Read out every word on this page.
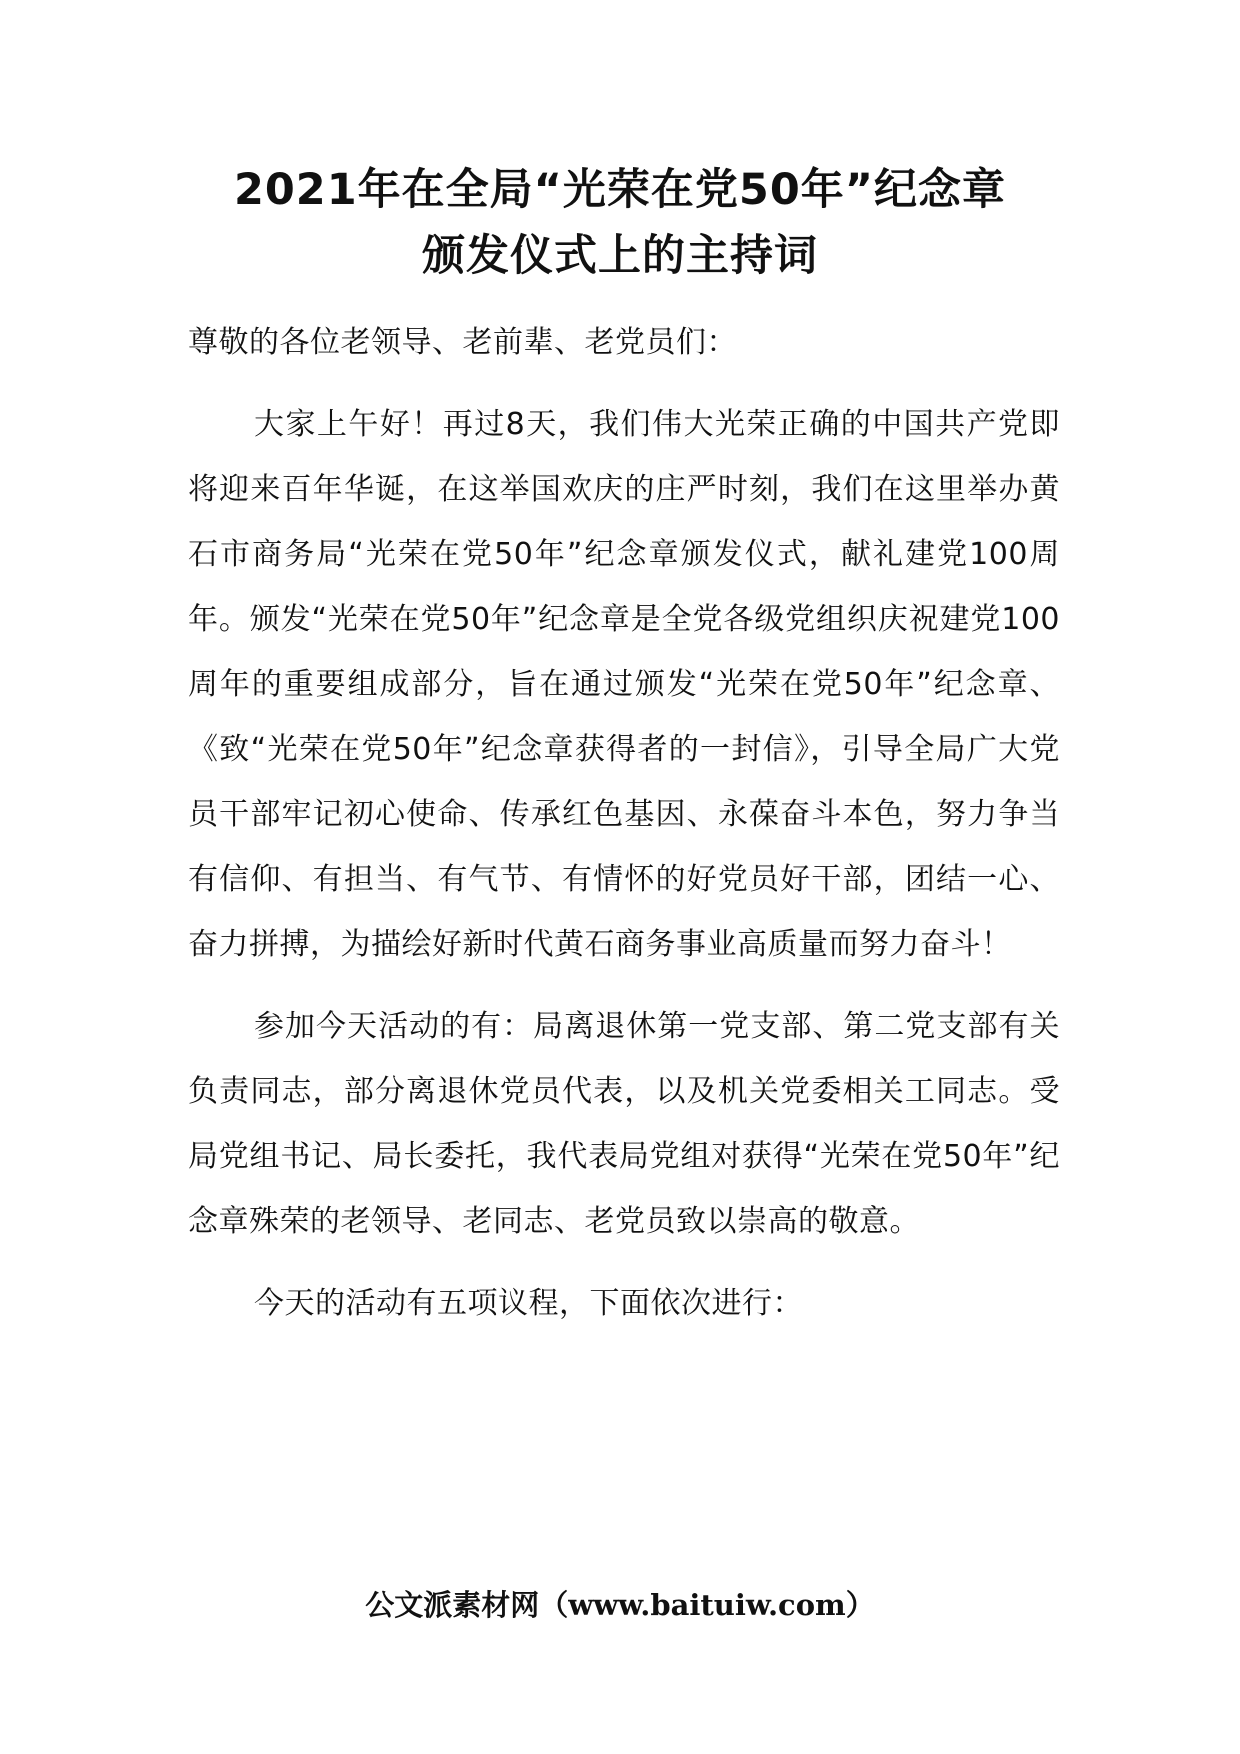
2021年在全局“光荣在党50年”纪念章
颁发仪式上的主持词

尊敬的各位老领导、老前辈、老党员们：

大家上午好！再过8天，我们伟大光荣正确的中国共产党即将迎来百年华诞，在这举国欢庆的庄严时刻，我们在这里举办黄石市商务局“光荣在党50年”纪念章颁发仪式，献礼建党100周年。颁发“光荣在党50年”纪念章是全党各级党组织庆祝建党100周年的重要组成部分，旨在通过颁发“光荣在党50年”纪念章、《致“光荣在党50年”纪念章获得者的一封信》，引导全局广大党员干部牢记初心使命、传承红色基因、永葆奋斗本色，努力争当有信仰、有担当、有气节、有情怀的好党员好干部，团结一心、奋力拼搏，为描绘好新时代黄石商务事业高质量而努力奋斗！

参加今天活动的有：局离退休第一党支部、第二党支部有关负责同志，部分离退休党员代表，以及机关党委相关工同志。受局党组书记、局长委托，我代表局党组对获得“光荣在党50年”纪念章殊荣的老领导、老同志、老党员致以崇高的敬意。

今天的活动有五项议程，下面依次进行：

公文派素材网（www.baituiw.com）
